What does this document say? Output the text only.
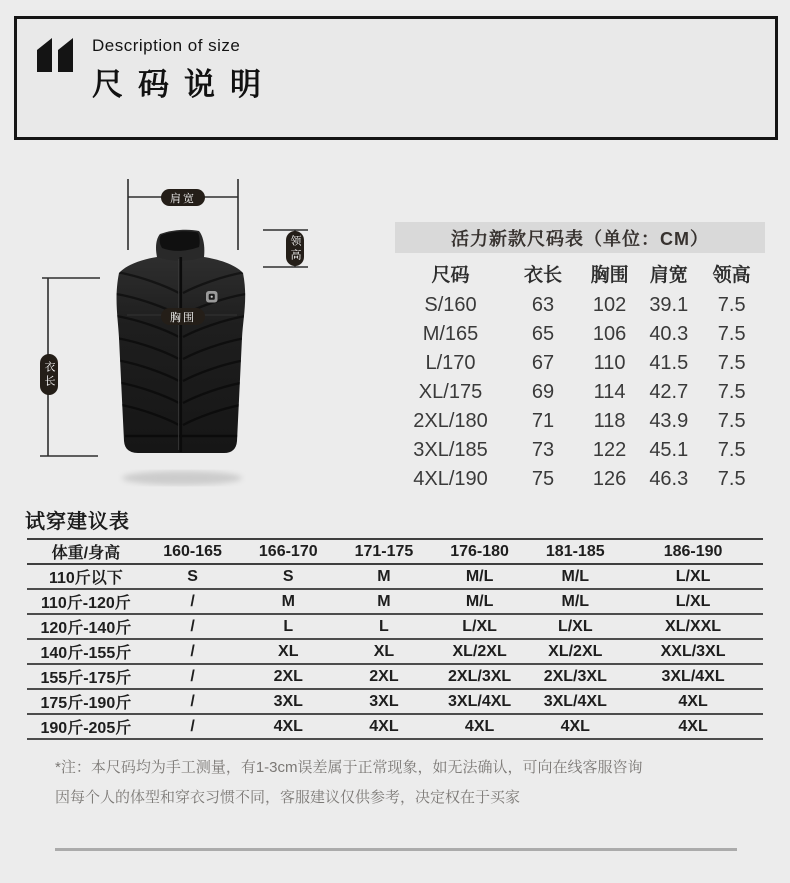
Description of size
尺码说明
肩宽
胸围
领高
衣长
活力新款尺码表（单位：CM）
尺码	衣长	胸围	肩宽	领高
S/160	63	102	39.1	7.5
M/165	65	106	40.3	7.5
L/170	67	110	41.5	7.5
XL/175	69	114	42.7	7.5
2XL/180	71	118	43.9	7.5
3XL/185	73	122	45.1	7.5
4XL/190	75	126	46.3	7.5
试穿建议表
体重/身高	160-165	166-170	171-175	176-180	181-185	186-190
110斤以下	S	S	M	M/L	M/L	L/XL
110斤-120斤	/	M	M	M/L	M/L	L/XL
120斤-140斤	/	L	L	L/XL	L/XL	XL/XXL
140斤-155斤	/	XL	XL	XL/2XL	XL/2XL	XXL/3XL
155斤-175斤	/	2XL	2XL	2XL/3XL	2XL/3XL	3XL/4XL
175斤-190斤	/	3XL	3XL	3XL/4XL	3XL/4XL	4XL
190斤-205斤	/	4XL	4XL	4XL	4XL	4XL
*注：本尺码均为手工测量，有1-3cm误差属于正常现象，如无法确认，可向在线客服咨询
因每个人的体型和穿衣习惯不同，客服建议仅供参考，决定权在于买家
